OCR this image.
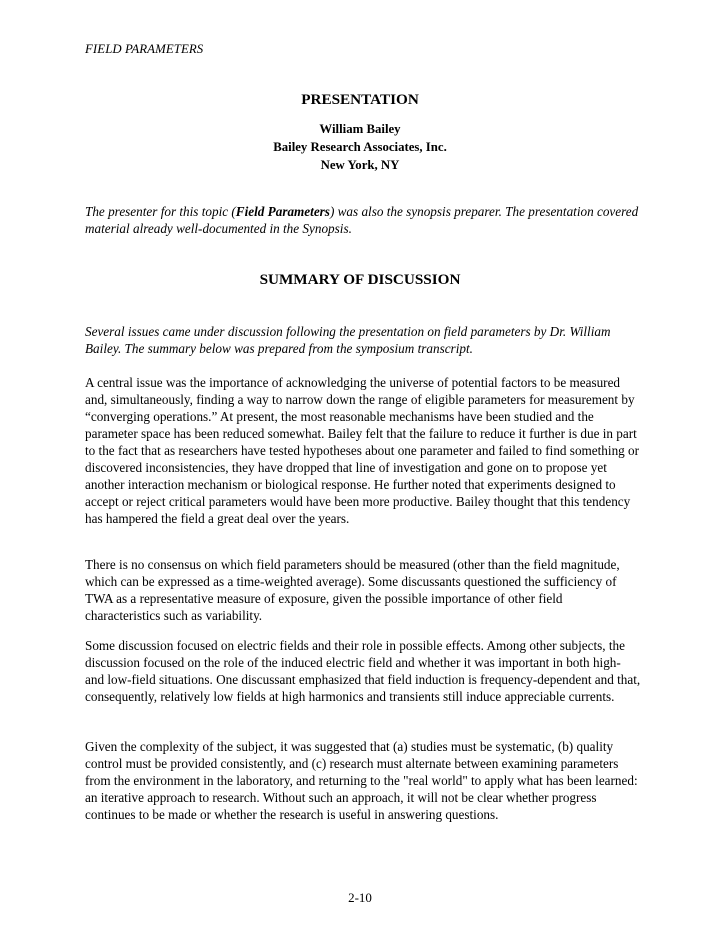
FIELD PARAMETERS
PRESENTATION
William Bailey
Bailey Research Associates, Inc.
New York, NY

The presenter for this topic (Field Parameters) was also the synopsis preparer. The presentation covered material already well-documented in the Synopsis.

SUMMARY OF DISCUSSION

Several issues came under discussion following the presentation on field parameters by Dr. William Bailey. The summary below was prepared from the symposium transcript.

A central issue was the importance of acknowledging the universe of potential factors to be measured and, simultaneously, finding a way to narrow down the range of eligible parameters for measurement by “converging operations.” At present, the most reasonable mechanisms have been studied and the parameter space has been reduced somewhat. Bailey felt that the failure to reduce it further is due in part to the fact that as researchers have tested hypotheses about one parameter and failed to find something or discovered inconsistencies, they have dropped that line of investigation and gone on to propose yet another interaction mechanism or biological response. He further noted that experiments designed to accept or reject critical parameters would have been more productive. Bailey thought that this tendency has hampered the field a great deal over the years.

There is no consensus on which field parameters should be measured (other than the field magnitude, which can be expressed as a time-weighted average). Some discussants questioned the sufficiency of TWA as a representative measure of exposure, given the possible importance of other field characteristics such as variability.

Some discussion focused on electric fields and their role in possible effects. Among other subjects, the discussion focused on the role of the induced electric field and whether it was important in both high- and low-field situations. One discussant emphasized that field induction is frequency-dependent and that, consequently, relatively low fields at high harmonics and transients still induce appreciable currents.

Given the complexity of the subject, it was suggested that (a) studies must be systematic, (b) quality control must be provided consistently, and (c) research must alternate between examining parameters from the environment in the laboratory, and returning to the "real world" to apply what has been learned: an iterative approach to research. Without such an approach, it will not be clear whether progress continues to be made or whether the research is useful in answering questions.

2-10
